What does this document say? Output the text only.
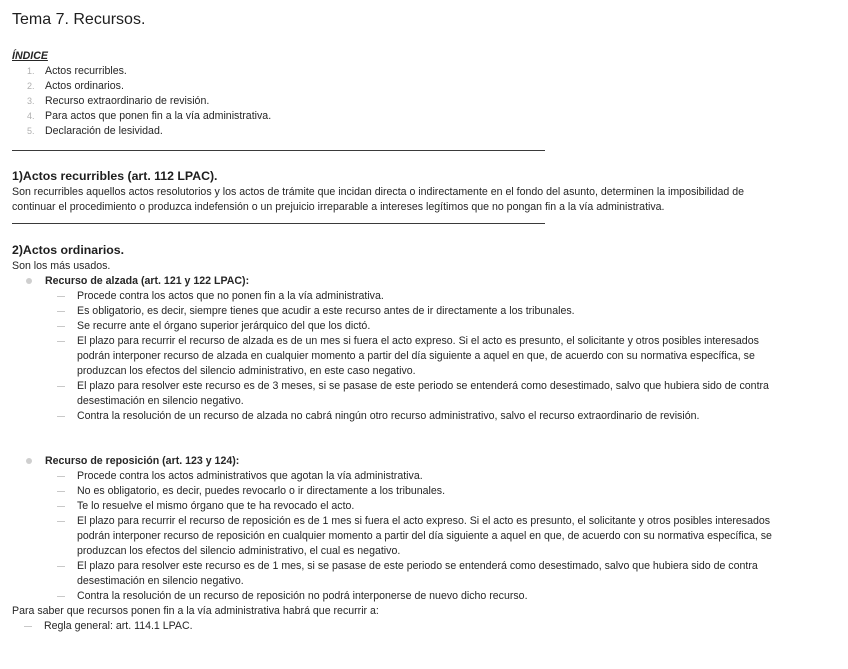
Tema 7. Recursos.
ÍNDICE
1. Actos recurribles.
2. Actos ordinarios.
3. Recurso extraordinario de revisión.
4. Para actos que ponen fin a la vía administrativa.
5. Declaración de lesividad.
1)Actos recurribles (art. 112 LPAC).

Son recurribles aquellos actos resolutorios y los actos de trámite que incidan directa o indirectamente en el fondo del asunto, determinen la imposibilidad de
continuar el procedimiento o produzca indefensión o un prejuicio irreparable a intereses legítimos que no pongan fin a la vía administrativa.

2)Actos ordinarios.

Son los más usados.

Recurso de alzada (art. 121 y 122 LPAC):
Procede contra los actos que no ponen fin a la vía administrativa.
Es obligatorio, es decir, siempre tienes que acudir a este recurso antes de ir directamente a los tribunales.
Se recurre ante el órgano superior jerárquico del que los dictó.
El plazo para recurrir el recurso de alzada es de un mes si fuera el acto expreso. Si el acto es presunto, el solicitante y otros posibles interesados
podrán interponer recurso de alzada en cualquier momento a partir del día siguiente a aquel en que, de acuerdo con su normativa específica, se
produzcan los efectos del silencio administrativo, en este caso negativo.
El plazo para resolver este recurso es de 3 meses, si se pasase de este periodo se entenderá como desestimado, salvo que hubiera sido de contra
desestimación en silencio negativo.
Contra la resolución de un recurso de alzada no cabrá ningún otro recurso administrativo, salvo el recurso extraordinario de revisión.
Recurso de reposición (art. 123 y 124):
Procede contra los actos administrativos que agotan la vía administrativa.
No es obligatorio, es decir, puedes revocarlo o ir directamente a los tribunales.
Te lo resuelve el mismo órgano que te ha revocado el acto.
El plazo para recurrir el recurso de reposición es de 1 mes si fuera el acto expreso. Si el acto es presunto, el solicitante y otros posibles interesados
podrán interponer recurso de reposición en cualquier momento a partir del día siguiente a aquel en que, de acuerdo con su normativa específica, se
produzcan los efectos del silencio administrativo, el cual es negativo.
El plazo para resolver este recurso es de 1 mes, si se pasase de este periodo se entenderá como desestimado, salvo que hubiera sido de contra
desestimación en silencio negativo.
Contra la resolución de un recurso de reposición no podrá interponerse de nuevo dicho recurso.

Para saber que recursos ponen fin a la vía administrativa habrá que recurrir a:

Regla general: art. 114.1 LPAC.
